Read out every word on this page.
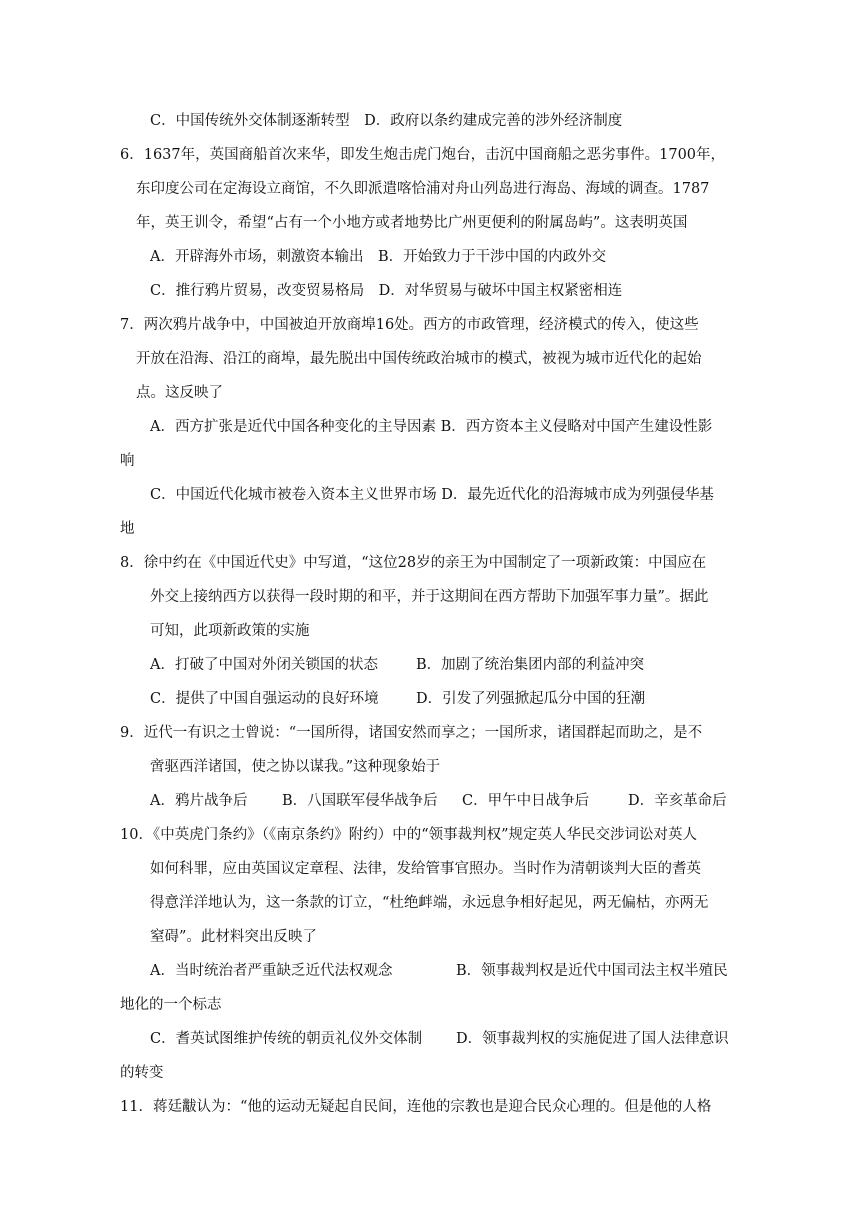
C．中国传统外交体制逐渐转型　D．政府以条约建成完善的涉外经济制度
6．1637年，英国商船首次来华，即发生炮击虎门炮台，击沉中国商船之恶劣事件。1700年，
东印度公司在定海设立商馆，不久即派遣喀恰浦对舟山列岛进行海岛、海域的调查。1787
年，英王训令，希望“占有一个小地方或者地势比广州更便利的附属岛屿”。这表明英国
A．开辟海外市场，刺激资本输出　B．开始致力于干涉中国的内政外交
C．推行鸦片贸易，改变贸易格局　D．对华贸易与破坏中国主权紧密相连
7．两次鸦片战争中，中国被迫开放商埠16处。西方的市政管理，经济模式的传入，使这些
开放在沿海、沿江的商埠，最先脱出中国传统政治城市的模式，被视为城市近代化的起始
点。这反映了
A．西方扩张是近代中国各种变化的主导因素 B．西方资本主义侵略对中国产生建设性影
响
C．中国近代化城市被卷入资本主义世界市场 D．最先近代化的沿海城市成为列强侵华基
地
8．徐中约在《中国近代史》中写道，“这位28岁的亲王为中国制定了一项新政策：中国应在
外交上接纳西方以获得一段时期的和平，并于这期间在西方帮助下加强军事力量”。据此
可知，此项新政策的实施
A．打破了中国对外闭关锁国的状态	B．加剧了统治集团内部的利益冲突
C．提供了中国自强运动的良好环境	D．引发了列强掀起瓜分中国的狂潮
9．近代一有识之士曾说：“一国所得，诸国安然而享之；一国所求，诸国群起而助之，是不
啻驱西洋诸国，使之协以谋我。”这种现象始于
A．鸦片战争后 B．八国联军侵华战争后 C．甲午中日战争后	D．辛亥革命后
10．《中英虎门条约》（《南京条约》附约）中的“领事裁判权”规定英人华民交涉词讼对英人
如何科罪，应由英国议定章程、法律，发给管事官照办。当时作为清朝谈判大臣的耆英
得意洋洋地认为，这一条款的订立，“杜绝衅端，永远息争相好起见，两无偏枯，亦两无
窒碍”。此材料突出反映了
A．当时统治者严重缺乏近代法权观念	B．领事裁判权是近代中国司法主权半殖民
地化的一个标志
C．耆英试图维护传统的朝贡礼仪外交体制 D．领事裁判权的实施促进了国人法律意识
的转变
11．蒋廷黻认为：“他的运动无疑起自民间，连他的宗教也是迎合民众心理的。但是他的人格
